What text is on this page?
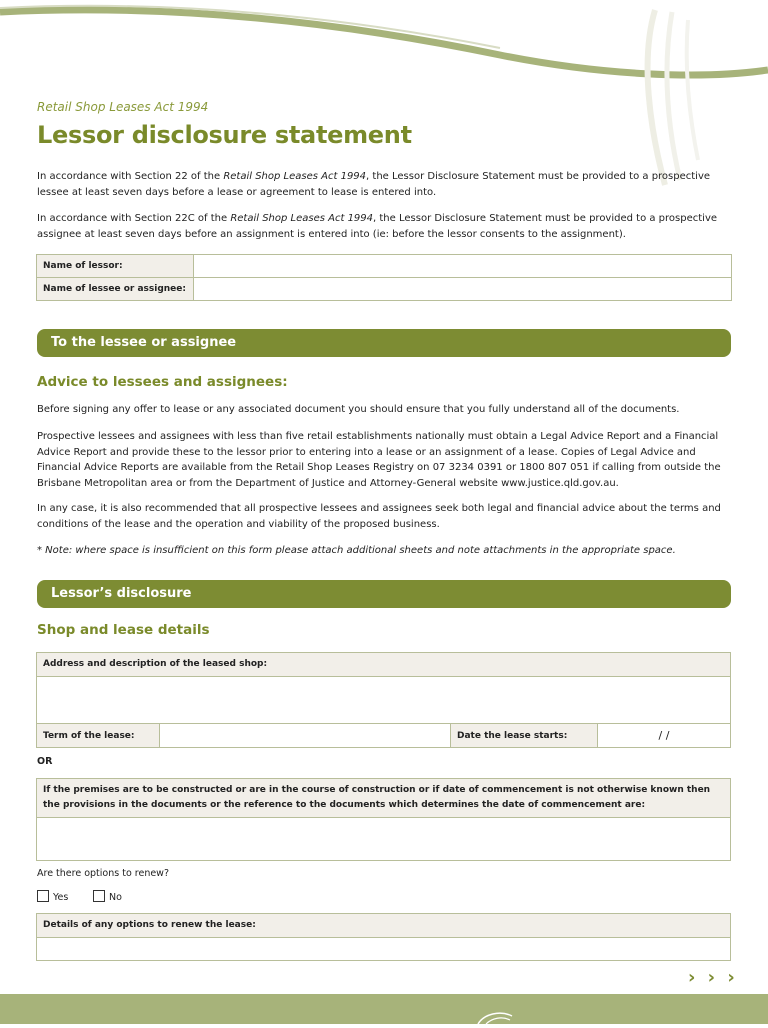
Retail Shop Leases Act 1994
Lessor disclosure statement
In accordance with Section 22 of the Retail Shop Leases Act 1994, the Lessor Disclosure Statement must be provided to a prospective lessee at least seven days before a lease or agreement to lease is entered into.
In accordance with Section 22C of the Retail Shop Leases Act 1994, the Lessor Disclosure Statement must be provided to a prospective assignee at least seven days before an assignment is entered into (ie: before the lessor consents to the assignment).
Name of lessor:	
Name of lessee or assignee:	
To the lessee or assignee
Advice to lessees and assignees:
Before signing any offer to lease or any associated document you should ensure that you fully understand all of the documents.
Prospective lessees and assignees with less than five retail establishments nationally must obtain a Legal Advice Report and a Financial Advice Report and provide these to the lessor prior to entering into a lease or an assignment of a lease. Copies of Legal Advice and Financial Advice Reports are available from the Retail Shop Leases Registry on 07 3234 0391 or 1800 807 051 if calling from outside the Brisbane Metropolitan area or from the Department of Justice and Attorney-General website www.justice.qld.gov.au.
In any case, it is also recommended that all prospective lessees and assignees seek both legal and financial advice about the terms and conditions of the lease and the operation and viability of the proposed business.
* Note: where space is insufficient on this form please attach additional sheets and note attachments in the appropriate space.
Lessor’s disclosure
Shop and lease details
Address and description of the leased shop:
Term of the lease:		Date the lease starts:	/ /
OR
If the premises are to be constructed or are in the course of construction or if date of commencement is not otherwise known then the provisions in the documents or the reference to the documents which determines the date of commencement are:
Are there options to renew?
Yes	No
Details of any options to renew the lease:
› › ›
